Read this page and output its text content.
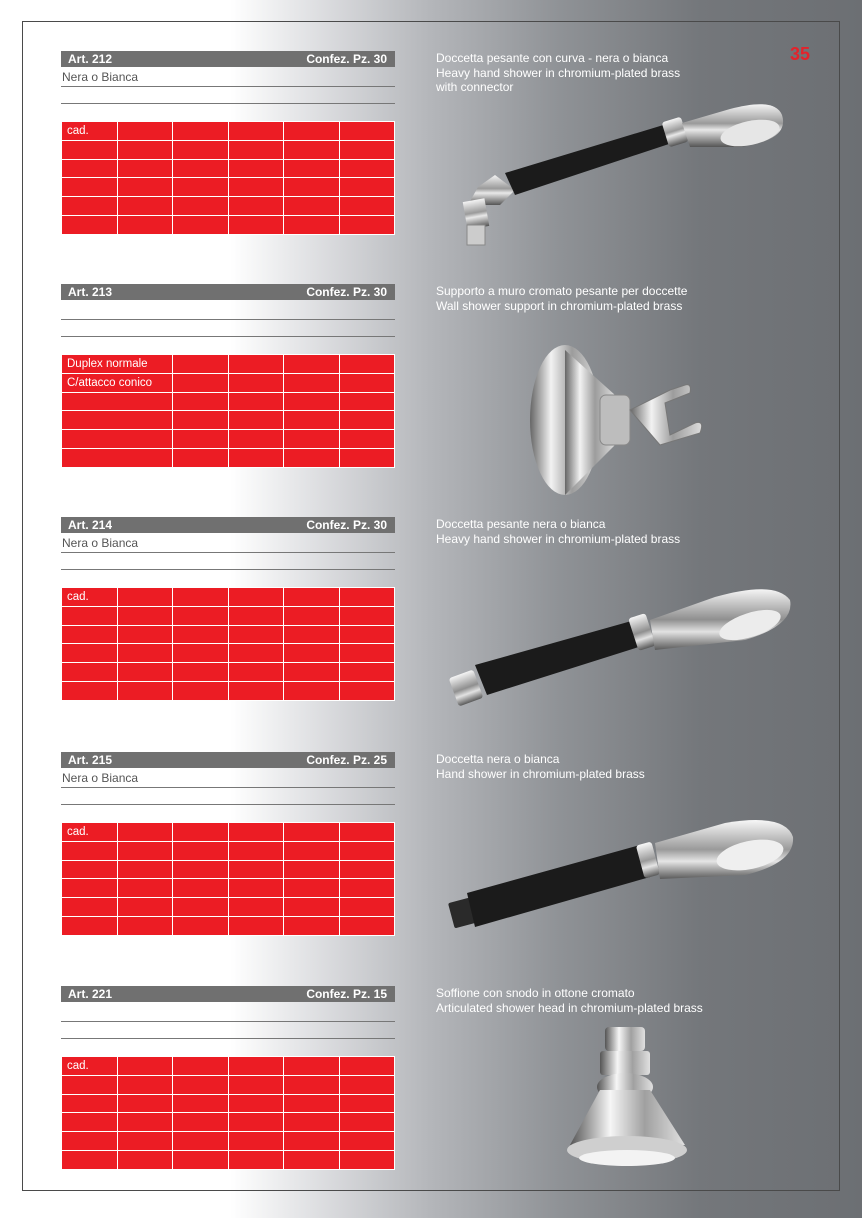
35
Art. 212	Confez. Pz. 30
Nera o Bianca
cad.					

Doccetta pesante con curva - nera o bianca
Heavy hand shower in chromium-plated brass
with connector
Art. 213	Confez. Pz. 30
Duplex normale				
C/attacco conico				

Supporto a muro cromato pesante per doccette
Wall shower support in chromium-plated brass
Art. 214	Confez. Pz. 30
Nera o Bianca
cad.					

Doccetta pesante nera o bianca
Heavy hand shower in chromium-plated brass
Art. 215	Confez. Pz. 25
Nera o Bianca
cad.					

Doccetta nera o bianca
Hand shower in chromium-plated brass
Art. 221	Confez. Pz. 15
cad.					

Soffione con snodo in ottone cromato
Articulated shower head in chromium-plated brass
